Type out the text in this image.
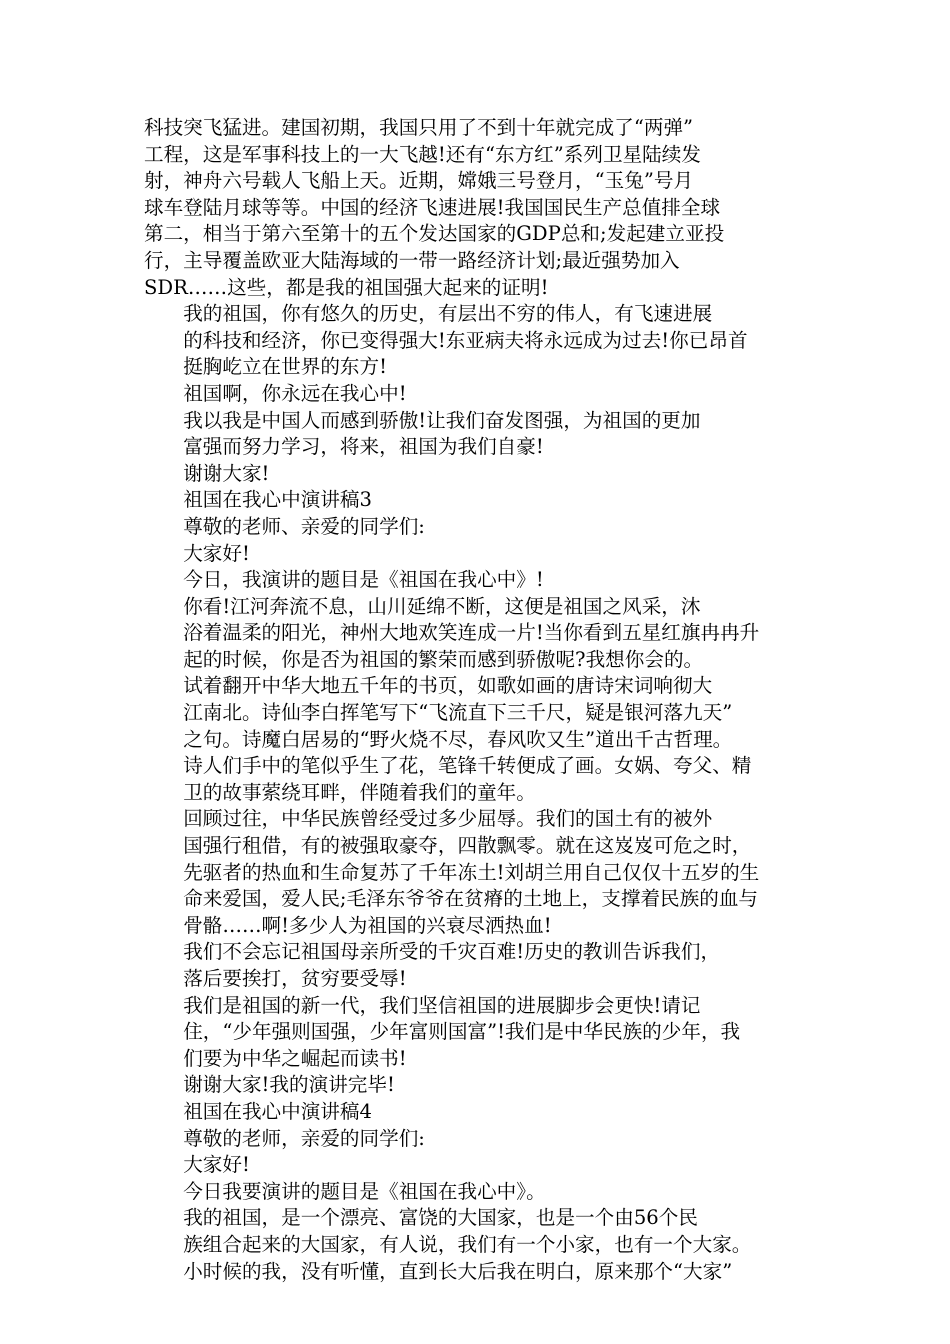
科技突飞猛进。建国初期，我国只用了不到十年就完成了“两弹”
工程，这是军事科技上的一大飞越!还有“东方红”系列卫星陆续发
射，神舟六号载人飞船上天。近期，嫦娥三号登月，“玉兔”号月
球车登陆月球等等。中国的经济飞速进展!我国国民生产总值排全球
第二，相当于第六至第十的五个发达国家的GDP总和;发起建立亚投
行，主导覆盖欧亚大陆海域的一带一路经济计划;最近强势加入
SDR……这些，都是我的祖国强大起来的证明!
我的祖国，你有悠久的历史，有层出不穷的伟人，有飞速进展
的科技和经济，你已变得强大!东亚病夫将永远成为过去!你已昂首
挺胸屹立在世界的东方!
祖国啊，你永远在我心中!
我以我是中国人而感到骄傲!让我们奋发图强，为祖国的更加
富强而努力学习，将来，祖国为我们自豪!
谢谢大家!
祖国在我心中演讲稿3
尊敬的老师、亲爱的同学们:
大家好!
今日，我演讲的题目是《祖国在我心中》!
你看!江河奔流不息，山川延绵不断，这便是祖国之风采，沐
浴着温柔的阳光，神州大地欢笑连成一片!当你看到五星红旗冉冉升
起的时候，你是否为祖国的繁荣而感到骄傲呢?我想你会的。
试着翻开中华大地五千年的书页，如歌如画的唐诗宋词响彻大
江南北。诗仙李白挥笔写下“飞流直下三千尺，疑是银河落九天”
之句。诗魔白居易的“野火烧不尽，春风吹又生”道出千古哲理。
诗人们手中的笔似乎生了花，笔锋千转便成了画。女娲、夸父、精
卫的故事萦绕耳畔，伴随着我们的童年。
回顾过往，中华民族曾经受过多少屈辱。我们的国土有的被外
国强行租借，有的被强取豪夺，四散飘零。就在这岌岌可危之时，
先驱者的热血和生命复苏了千年冻土!刘胡兰用自己仅仅十五岁的生
命来爱国，爱人民;毛泽东爷爷在贫瘠的土地上，支撑着民族的血与
骨骼……啊!多少人为祖国的兴衰尽洒热血!
我们不会忘记祖国母亲所受的千灾百难!历史的教训告诉我们，
落后要挨打，贫穷要受辱!
我们是祖国的新一代，我们坚信祖国的进展脚步会更快!请记
住，“少年强则国强，少年富则国富”!我们是中华民族的少年，我
们要为中华之崛起而读书!
谢谢大家!我的演讲完毕!
祖国在我心中演讲稿4
尊敬的老师，亲爱的同学们:
大家好!
今日我要演讲的题目是《祖国在我心中》。
我的祖国，是一个漂亮、富饶的大国家，也是一个由56个民
族组合起来的大国家，有人说，我们有一个小家，也有一个大家。
小时候的我，没有听懂，直到长大后我在明白，原来那个“大家”
